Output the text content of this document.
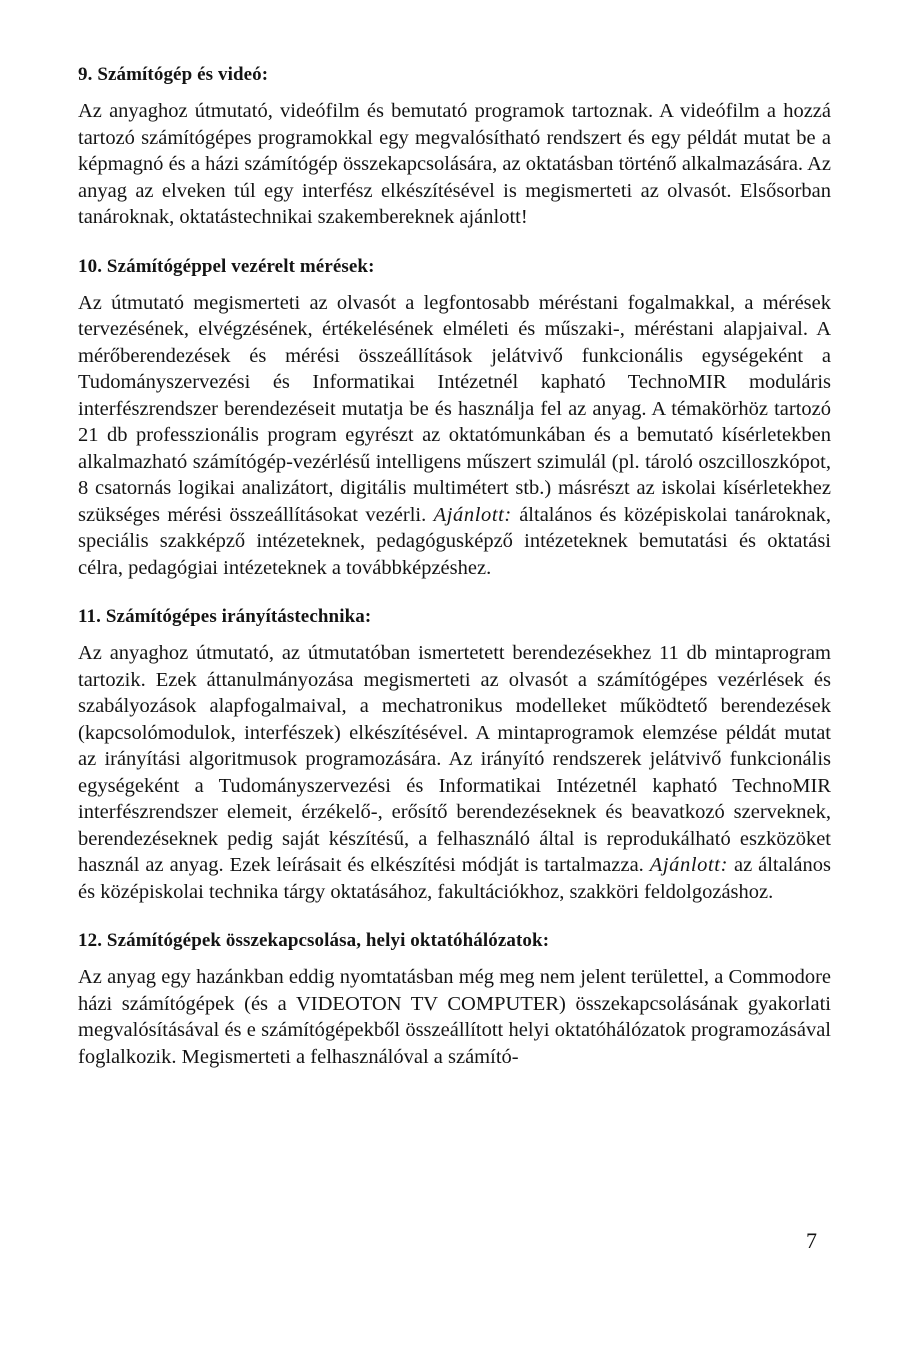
9. Számítógép és videó:

Az anyaghoz útmutató, videófilm és bemutató programok tartoznak. A videófilm a hozzá tartozó számítógépes programokkal egy megvalósítható rendszert és egy példát mutat be a képmagnó és a házi számítógép összekapcsolására, az oktatásban történő alkalmazására. Az anyag az elveken túl egy interfész elkészítésével is megismerteti az olvasót. Elsősorban tanároknak, oktatástechnikai szakembereknek ajánlott!

10. Számítógéppel vezérelt mérések:

Az útmutató megismerteti az olvasót a legfontosabb méréstani fogalmakkal, a mérések tervezésének, elvégzésének, értékelésének elméleti és műszaki-, méréstani alapjaival. A mérőberendezések és mérési összeállítások jelátvivő funkcionális egységeként a Tudományszervezési és Informatikai Intézetnél kapható TechnoMIR moduláris interfészrendszer berendezéseit mutatja be és használja fel az anyag. A témakörhöz tartozó 21 db professzionális program egyrészt az oktatómunkában és a bemutató kísérletekben alkalmazható számítógép-vezérlésű intelligens műszert szimulál (pl. tároló oszcilloszkópot, 8 csatornás logikai analizátort, digitális multimétert stb.) másrészt az iskolai kísérletekhez szükséges mérési összeállításokat vezérli. Ajánlott: általános és középiskolai tanároknak, speciális szakképző intézeteknek, pedagógusképző intézeteknek bemutatási és oktatási célra, pedagógiai intézeteknek a továbbképzéshez.

11. Számítógépes irányítástechnika:

Az anyaghoz útmutató, az útmutatóban ismertetett berendezésekhez 11 db mintaprogram tartozik. Ezek áttanulmányozása megismerteti az olvasót a számítógépes vezérlések és szabályozások alapfogalmaival, a mechatronikus modelleket működtető berendezések (kapcsolómodulok, interfészek) elkészítésével. A mintaprogramok elemzése példát mutat az irányítási algoritmusok programozására. Az irányító rendszerek jelátvivő funkcionális egységeként a Tudományszervezési és Informatikai Intézetnél kapható TechnoMIR interfészrendszer elemeit, érzékelő-, erősítő berendezéseknek és beavatkozó szerveknek, berendezéseknek pedig saját készítésű, a felhasználó által is reprodukálható eszközöket használ az anyag. Ezek leírásait és elkészítési módját is tartalmazza. Ajánlott: az általános és középiskolai technika tárgy oktatásához, fakultációkhoz, szakköri feldolgozáshoz.

12. Számítógépek összekapcsolása, helyi oktatóhálózatok:

Az anyag egy hazánkban eddig nyomtatásban még meg nem jelent területtel, a Commodore házi számítógépek (és a VIDEOTON TV COMPUTER) összekapcsolásának gyakorlati megvalósításával és e számítógépekből összeállított helyi oktatóhálózatok programozásával foglalkozik. Megismerteti a felhasználóval a számító-

7
